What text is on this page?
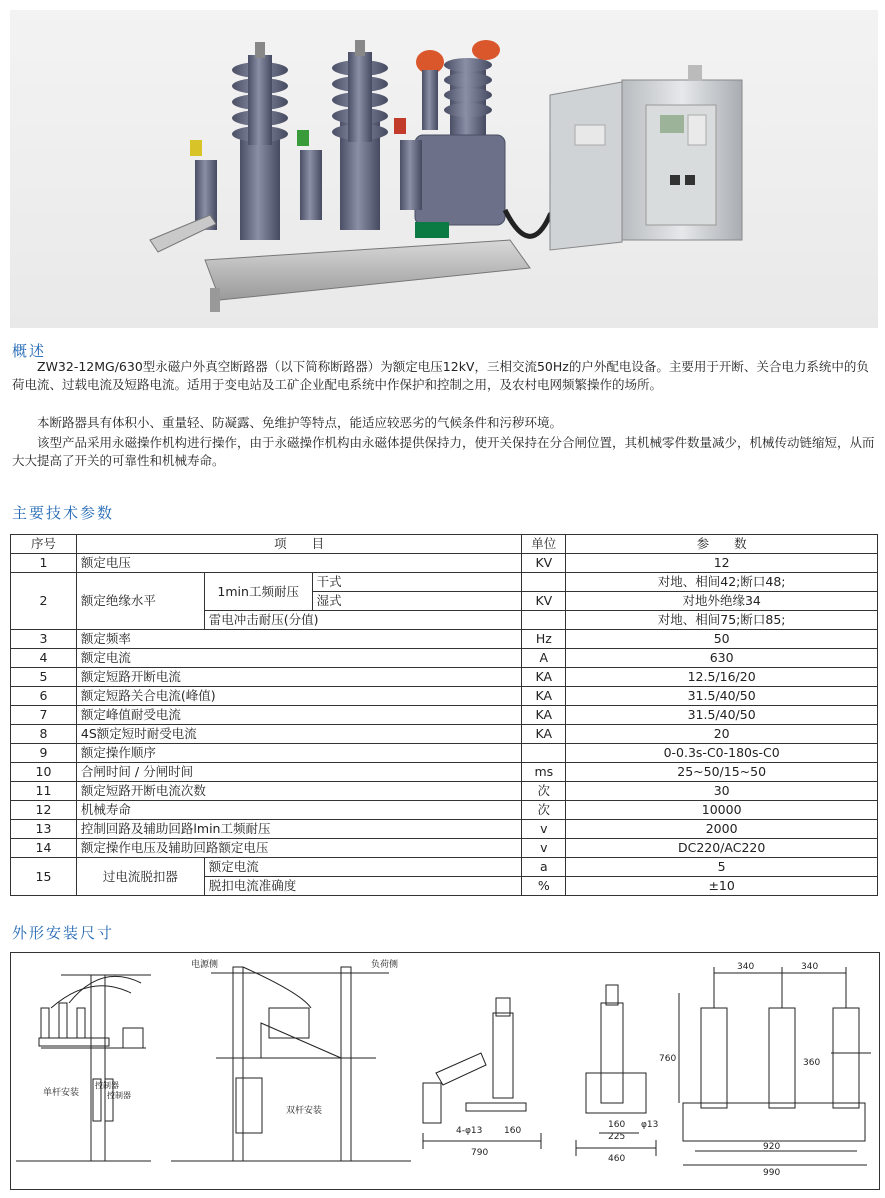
概述
ZW32-12MG/630型永磁户外真空断路器（以下简称断路器）为额定电压12kV，三相交流50Hz的户外配电设备。主要用于开断、关合电力系统中的负荷电流、过载电流及短路电流。适用于变电站及工矿企业配电系统中作保护和控制之用，及农村电网频繁操作的场所。
本断路器具有体积小、重量轻、防凝露、免维护等特点，能适应较恶劣的气候条件和污秽环境。
该型产品采用永磁操作机构进行操作，由于永磁操作机构由永磁体提供保持力，使开关保持在分合闸位置，其机械零件数量减少，机械传动链缩短，从而大大提高了开关的可靠性和机械寿命。
主要技术参数
序号	项　　目			单位	参　　数
1	额定电压			KV	12
2	额定绝缘水平	1min工频耐压	干式		对地、相间42;断口48;
			湿式	KV	对地外绝缘34
		雷电冲击耐压(分值)			对地、相间75;断口85;
3	额定频率			Hz	50
4	额定电流			A	630
5	额定短路开断电流			KA	12.5/16/20
6	额定短路关合电流(峰值)			KA	31.5/40/50
7	额定峰值耐受电流			KA	31.5/40/50
8	4S额定短时耐受电流			KA	20
9	额定操作顺序				0-0.3s-C0-180s-C0
10	合闸时间 / 分闸时间			ms	25~50/15~50
11	额定短路开断电流次数			次	30
12	机械寿命			次	10000
13	控制回路及辅助回路lmin工频耐压			v	2000
14	额定操作电压及辅助回路额定电压			v	DC220/AC220
15	过电流脱扣器	额定电流		a	5
		脱扣电流准确度		%	±10
外形安装尺寸
单杆安装
双杆安装
电源侧	负荷侧
控制器
控制器
790
160
4-φ13
460
225
160 φ13
340	340
760	360
920
990
